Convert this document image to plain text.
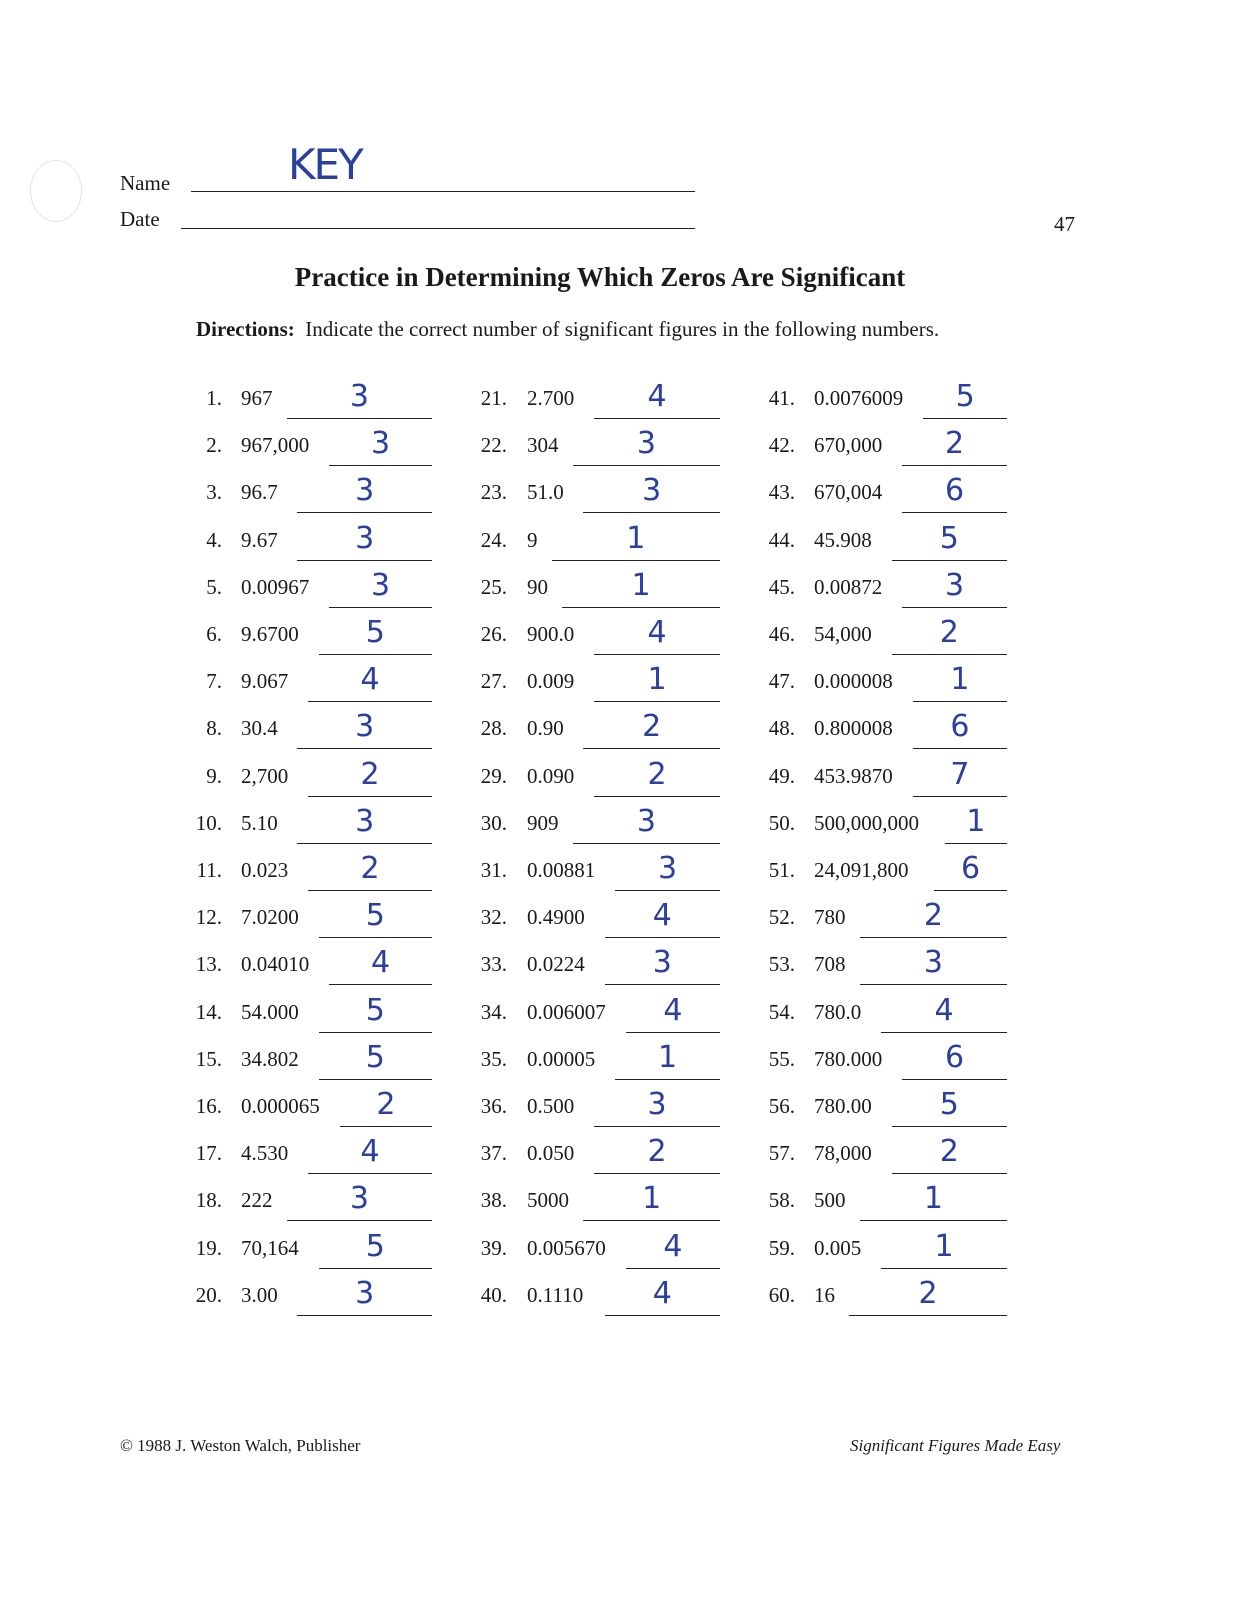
Name	KEY
Date	47
Practice in Determining Which Zeros Are Significant
Directions: Indicate the correct number of significant figures in the following numbers.
1. 967	3
2. 967,000	3
3. 96.7	3
4. 9.67	3
5. 0.00967	3
6. 9.6700	5
7. 9.067	4
8. 30.4	3
9. 2,700	2
10. 5.10	3
11. 0.023	2
12. 7.0200	5
13. 0.04010	4
14. 54.000	5
15. 34.802	5
16. 0.000065	2
17. 4.530	4
18. 222	3
19. 70,164	5
20. 3.00	3
21. 2.700	4
22. 304	3
23. 51.0	3
24. 9	1
25. 90	1
26. 900.0	4
27. 0.009	1
28. 0.90	2
29. 0.090	2
30. 909	3
31. 0.00881	3
32. 0.4900	4
33. 0.0224	3
34. 0.006007	4
35. 0.00005	1
36. 0.500	3
37. 0.050	2
38. 5000	1
39. 0.005670	4
40. 0.1110	4
41. 0.0076009	5
42. 670,000	2
43. 670,004	6
44. 45.908	5
45. 0.00872	3
46. 54,000	2
47. 0.000008	1
48. 0.800008	6
49. 453.9870	7
50. 500,000,000	1
51. 24,091,800	6
52. 780	2
53. 708	3
54. 780.0	4
55. 780.000	6
56. 780.00	5
57. 78,000	2
58. 500	1
59. 0.005	1
60. 16	2
© 1988 J. Weston Walch, Publisher	Significant Figures Made Easy
